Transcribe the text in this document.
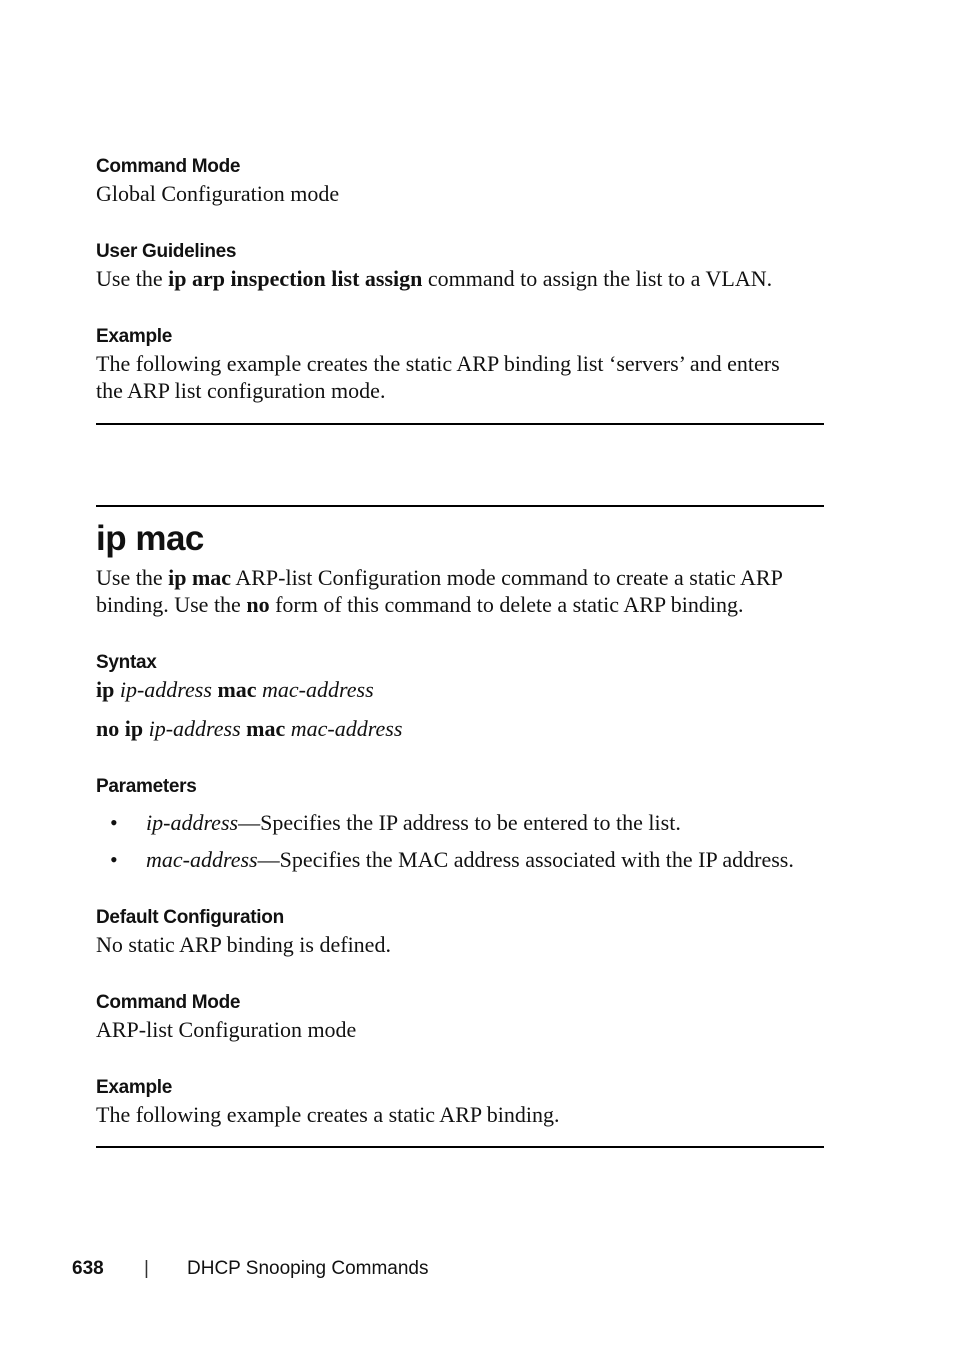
Command Mode
Global Configuration mode
User Guidelines
Use the ip arp inspection list assign command to assign the list to a VLAN.
Example
The following example creates the static ARP binding list ‘servers’ and enters
the ARP list configuration mode.
ip mac
Use the ip mac ARP-list Configuration mode command to create a static ARP
binding. Use the no form of this command to delete a static ARP binding.
Syntax
ip ip-address mac mac-address
no ip ip-address mac mac-address
Parameters
• ip-address—Specifies the IP address to be entered to the list.
• mac-address—Specifies the MAC address associated with the IP address.
Default Configuration
No static ARP binding is defined.
Command Mode
ARP-list Configuration mode
Example
The following example creates a static ARP binding.
638 | DHCP Snooping Commands
